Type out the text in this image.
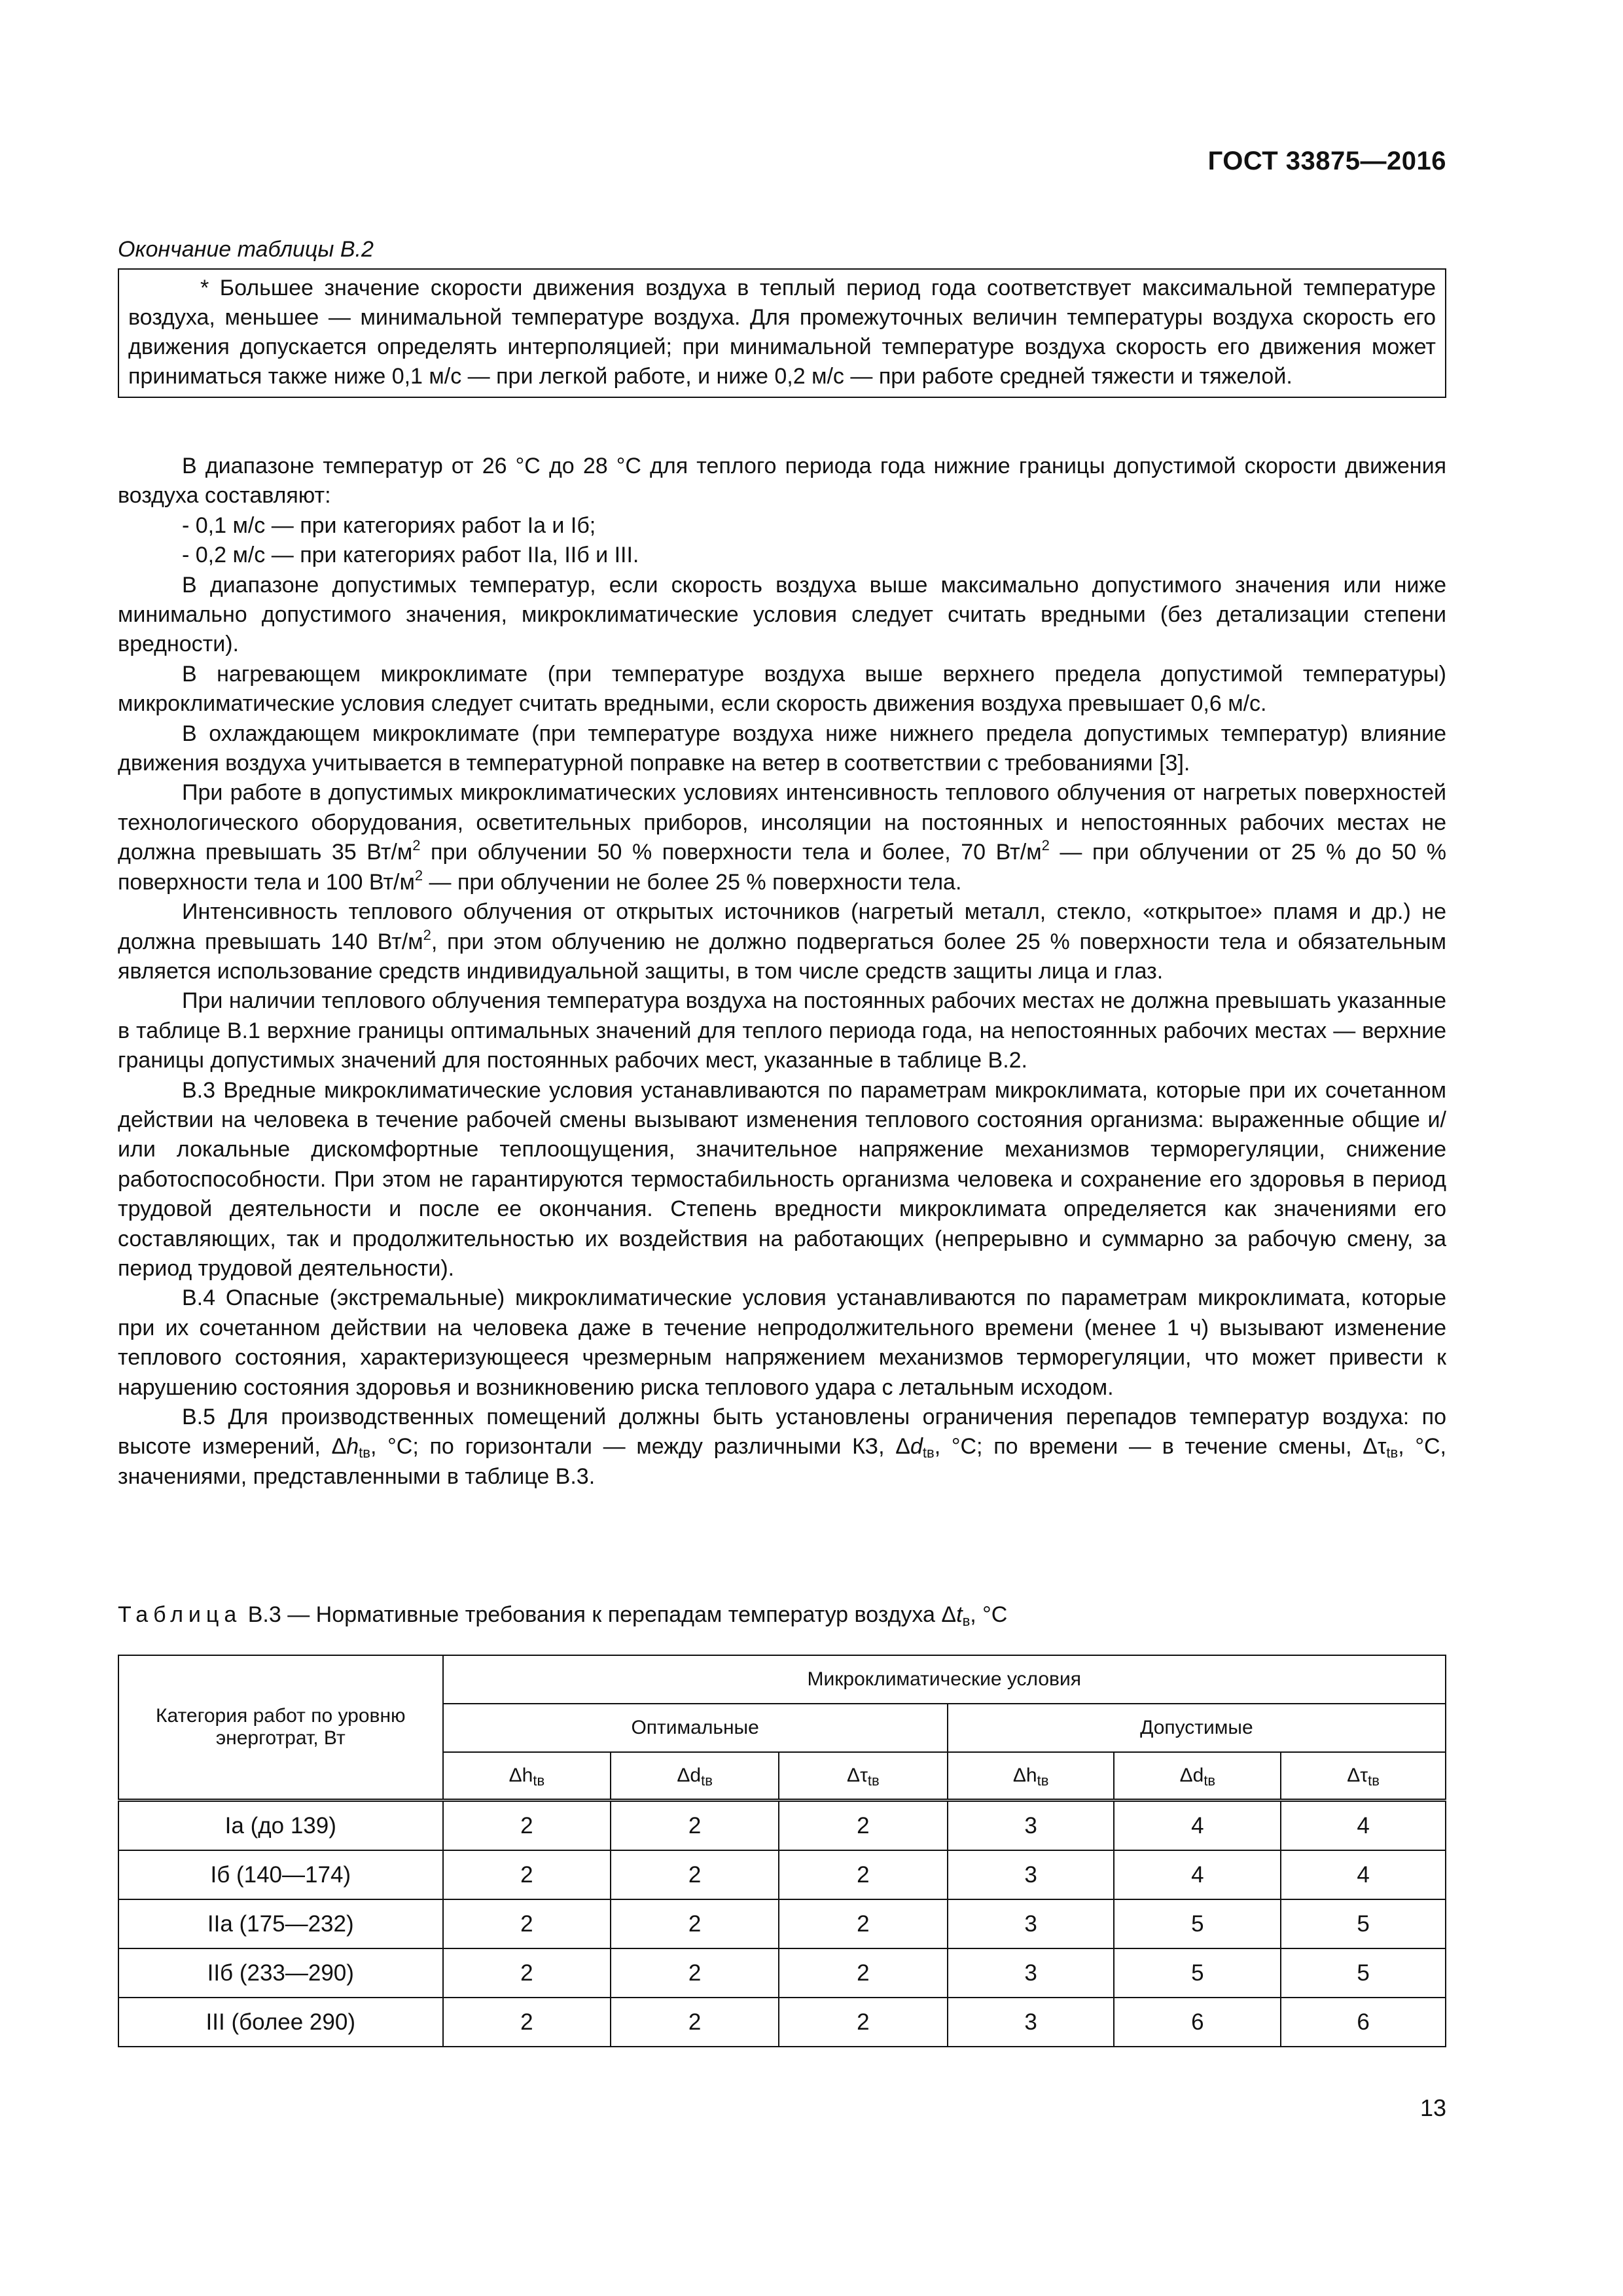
ГОСТ 33875—2016
Окончание таблицы В.2

* Большее значение скорости движения воздуха в теплый период года соответствует максимальной температуре воздуха, меньшее — минимальной температуре воздуха. Для промежуточных величин температуры воздуха скорость его движения допускается определять интерполяцией; при минимальной температуре воздуха скорость его движения может приниматься также ниже 0,1 м/с — при легкой работе, и ниже 0,2 м/с — при работе средней тяжести и тяжелой.

В диапазоне температур от 26 °С до 28 °С для теплого периода года нижние границы допустимой скорости движения воздуха составляют:

- 0,1 м/с — при категориях работ Ia и Iб;

- 0,2 м/с — при категориях работ IIa, IIб и III.

В диапазоне допустимых температур, если скорость воздуха выше максимально допустимого значения или ниже минимально допустимого значения, микроклиматические условия следует считать вредными (без детализации степени вредности).

В нагревающем микроклимате (при температуре воздуха выше верхнего предела допустимой температуры) микроклиматические условия следует считать вредными, если скорость движения воздуха превышает 0,6 м/с.

В охлаждающем микроклимате (при температуре воздуха ниже нижнего предела допустимых температур) влияние движения воздуха учитывается в температурной поправке на ветер в соответствии с требованиями [3].

При работе в допустимых микроклиматических условиях интенсивность теплового облучения от нагретых поверхностей технологического оборудования, осветительных приборов, инсоляции на постоянных и непостоянных рабочих местах не должна превышать 35 $Вт/м^2$ при облучении 50 % поверхности тела и более, 70 $Вт/м^2$ — при облучении от 25 % до 50 % поверхности тела и 100 $Вт/м^2$ — при облучении не более 25 % поверхности тела.

Интенсивность теплового облучения от открытых источников (нагретый металл, стекло, «открытое» пламя и др.) не должна превышать 140 $Вт/м^2$, при этом облучению не должно подвергаться более 25 % поверхности тела и обязательным является использование средств индивидуальной защиты, в том числе средств защиты лица и глаз.

При наличии теплового облучения температура воздуха на постоянных рабочих местах не должна превышать указанные в таблице В.1 верхние границы оптимальных значений для теплого периода года, на непостоянных рабочих местах — верхние границы допустимых значений для постоянных рабочих мест, указанные в таблице В.2.

В.3 Вредные микроклиматические условия устанавливаются по параметрам микроклимата, которые при их сочетанном действии на человека в течение рабочей смены вызывают изменения теплового состояния организма: выраженные общие и/или локальные дискомфортные теплоощущения, значительное напряжение механизмов терморегуляции, снижение работоспособности. При этом не гарантируются термостабильность организма человека и сохранение его здоровья в период трудовой деятельности и после ее окончания. Степень вредности микроклимата определяется как значениями его составляющих, так и продолжительностью их воздействия на работающих (непрерывно и суммарно за рабочую смену, за период трудовой деятельности).

В.4 Опасные (экстремальные) микроклиматические условия устанавливаются по параметрам микроклимата, которые при их сочетанном действии на человека даже в течение непродолжительного времени (менее 1 ч) вызывают изменение теплового состояния, характеризующееся чрезмерным напряжением механизмов терморегуляции, что может привести к нарушению состояния здоровья и возникновению риска теплового удара с летальным исходом.

В.5 Для производственных помещений должны быть установлены ограничения перепадов температур воздуха: по высоте измерений, $\Delta h_{tв}$, °С; по горизонтали — между различными КЗ, $\Delta d_{tв}$, °С; по времени — в течение смены, $\Delta\tau_{tв}$, °С, значениями, представленными в таблице В.3.

Таблица В.3 — Нормативные требования к перепадам температур воздуха $\Delta t_в$, °С
Категория работ по уровню энерготрат, Вт	Микроклиматические условия					
	Оптимальные			Допустимые		
	$\Delta h_{tв}$	$\Delta d_{tв}$	$\Delta\tau_{tв}$	$\Delta h_{tв}$	$\Delta d_{tв}$	$\Delta\tau_{tв}$
Ia (до 139)	2	2	2	3	4	4
Iб (140—174)	2	2	2	3	4	4
IIa (175—232)	2	2	2	3	5	5
IIб (233—290)	2	2	2	3	5	5
III (более 290)	2	2	2	3	6	6
13
